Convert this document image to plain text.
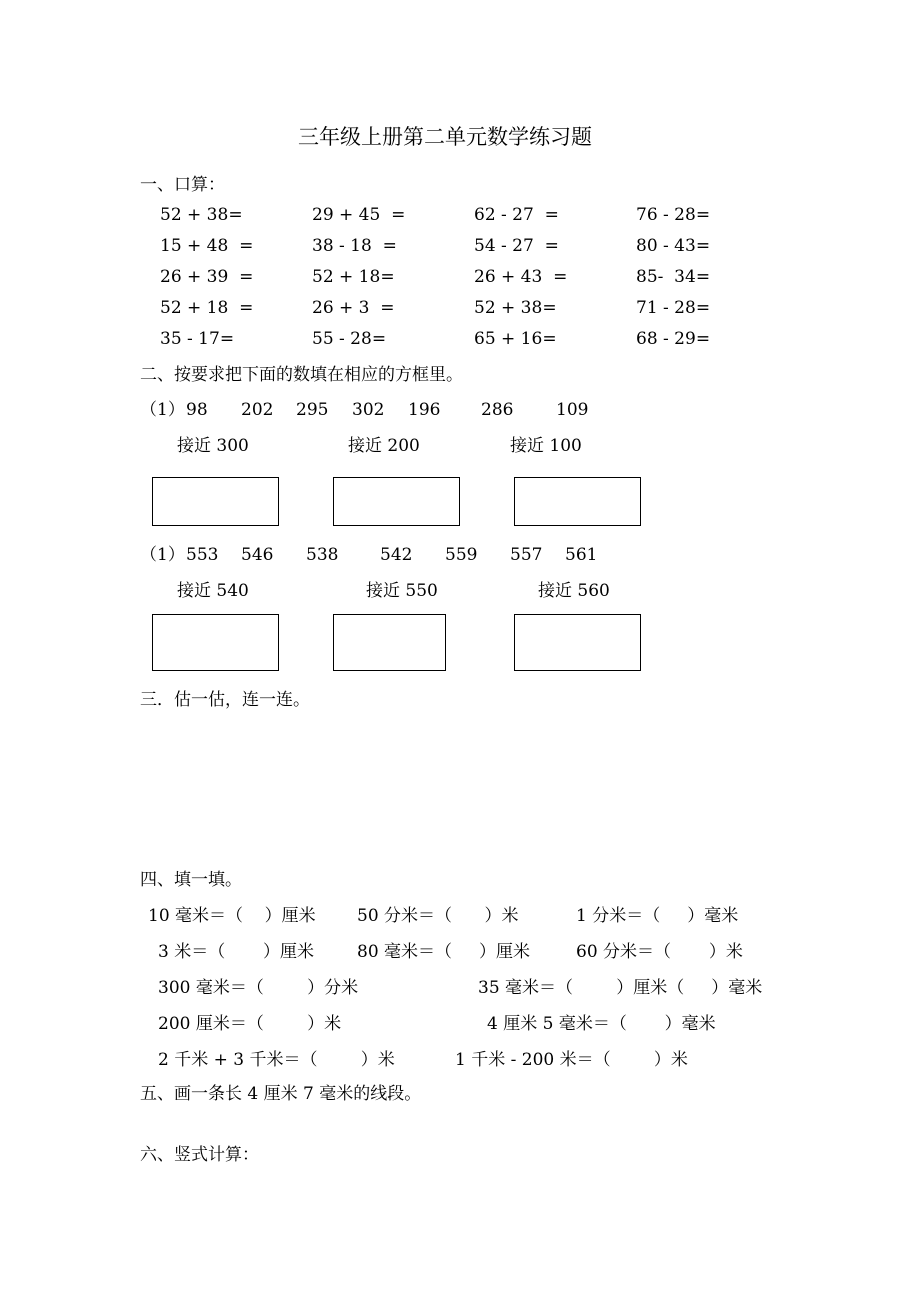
三年级上册第二单元数学练习题
一、口算：
52 + 38=	29 + 45  =	62 - 27  =	76 - 28=
15 + 48  =	38 - 18  =	54 - 27  =	80 - 43=
26 + 39  =	52 + 18=	26 + 43  =	85-  34=
52 + 18  =	26 + 3  =	52 + 38=	71 - 28=
35 - 17=	55 - 28=	65 + 16=	68 - 29=
二、按要求把下面的数填在相应的方框里。
（1） 98 202 295 302 196 286	109
接近 300	接近 200	接近 100
（1） 553 546 538 542 559 557 561
接近 540	接近 550	接近 560
三．估一估，连一连。
四、填一填。
10 毫米＝（    ）厘米 50 分米＝（      ）米	1 分米＝（     ）毫米
3 米＝（       ）厘米	80 毫米＝（     ）厘米	60 分米＝（       ）米
300 毫米＝（        ）分米	35 毫米＝（        ）厘米（     ）毫米
200 厘米＝（        ）米	4 厘米 5 毫米＝（       ）毫米
2 千米 + 3 千米＝（        ）米	1 千米 - 200 米＝（        ）米
五、画一条长 4 厘米 7 毫米的线段。
六、竖式计算：
